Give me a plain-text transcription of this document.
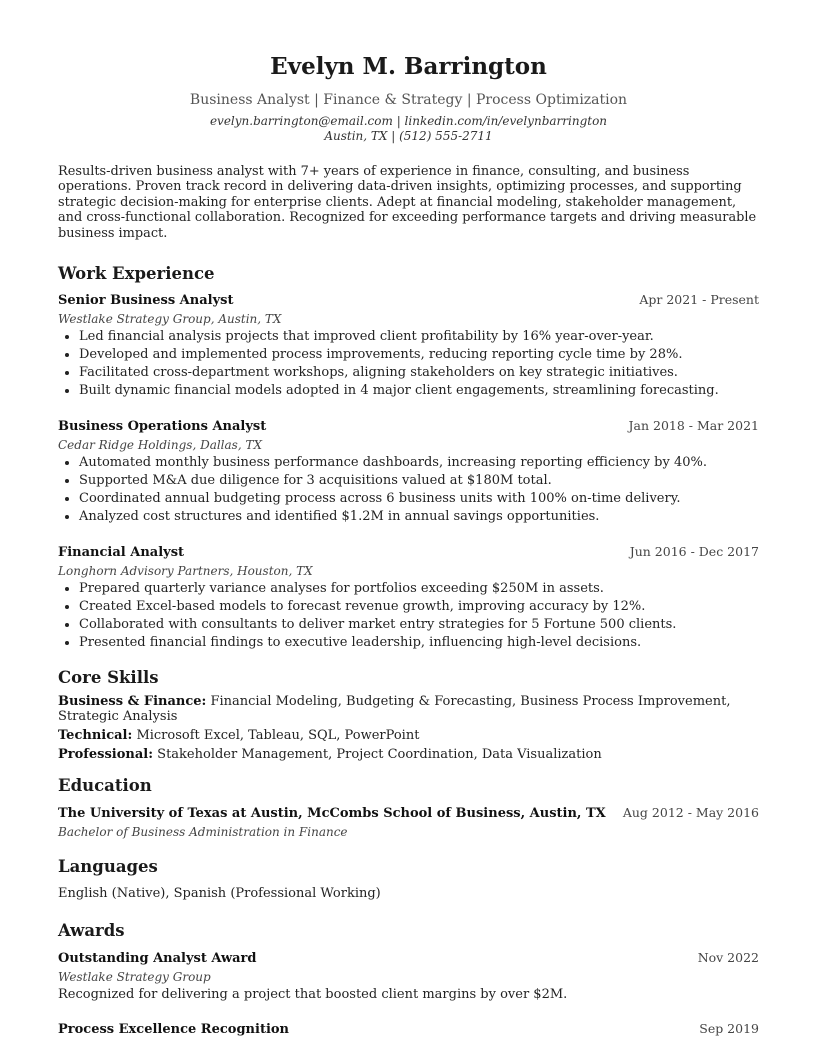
Evelyn M. Barrington
Business Analyst | Finance & Strategy | Process Optimization
evelyn.barrington@email.com | linkedin.com/in/evelynbarrington
Austin, TX | (512) 555-2711
Results-driven business analyst with 7+ years of experience in finance, consulting, and business operations. Proven track record in delivering data-driven insights, optimizing processes, and supporting strategic decision-making for enterprise clients. Adept at financial modeling, stakeholder management, and cross-functional collaboration. Recognized for exceeding performance targets and driving measurable business impact.
Work Experience
Senior Business Analyst	Apr 2021 - Present
Westlake Strategy Group, Austin, TX
• Led financial analysis projects that improved client profitability by 16% year-over-year.
• Developed and implemented process improvements, reducing reporting cycle time by 28%.
• Facilitated cross-department workshops, aligning stakeholders on key strategic initiatives.
• Built dynamic financial models adopted in 4 major client engagements, streamlining forecasting.
Business Operations Analyst	Jan 2018 - Mar 2021
Cedar Ridge Holdings, Dallas, TX
• Automated monthly business performance dashboards, increasing reporting efficiency by 40%.
• Supported M&A due diligence for 3 acquisitions valued at $180M total.
• Coordinated annual budgeting process across 6 business units with 100% on-time delivery.
• Analyzed cost structures and identified $1.2M in annual savings opportunities.
Financial Analyst	Jun 2016 - Dec 2017
Longhorn Advisory Partners, Houston, TX
• Prepared quarterly variance analyses for portfolios exceeding $250M in assets.
• Created Excel-based models to forecast revenue growth, improving accuracy by 12%.
• Collaborated with consultants to deliver market entry strategies for 5 Fortune 500 clients.
• Presented financial findings to executive leadership, influencing high-level decisions.
Core Skills
Business & Finance: Financial Modeling, Budgeting & Forecasting, Business Process Improvement, Strategic Analysis
Technical: Microsoft Excel, Tableau, SQL, PowerPoint
Professional: Stakeholder Management, Project Coordination, Data Visualization
Education
The University of Texas at Austin, McCombs School of Business, Austin, TX Aug 2012 - May 2016
Bachelor of Business Administration in Finance
Languages
English (Native), Spanish (Professional Working)
Awards
Outstanding Analyst Award	Nov 2022
Westlake Strategy Group
Recognized for delivering a project that boosted client margins by over $2M.
Process Excellence Recognition	Sep 2019
